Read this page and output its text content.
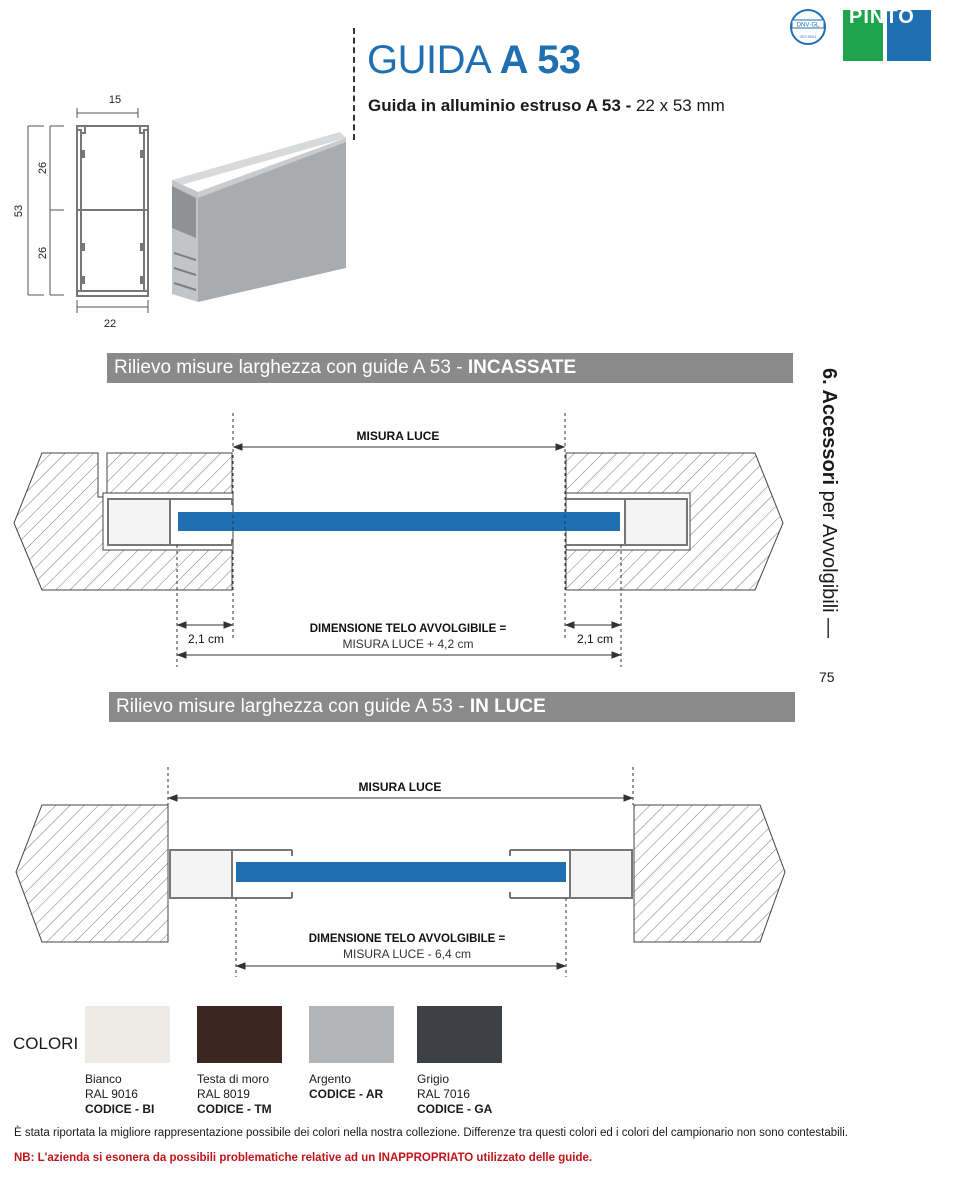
DNV·GL
ISO 9001
PINTO
GUIDA A 53
Guida in alluminio estruso A 53 - 22 x 53 mm
15
53
26
26
22
Rilievo misure larghezza con guide A 53 - INCASSATE
6. Accessori per Avvolgibili —
75
MISURA LUCE
2,1 cm	2,1 cm
DIMENSIONE TELO AVVOLGIBILE =
MISURA LUCE + 4,2 cm
Rilievo misure larghezza con guide A 53 - IN LUCE
MISURA LUCE
DIMENSIONE TELO AVVOLGIBILE =
MISURA LUCE - 6,4 cm
COLORI
Bianco
RAL 9016
CODICE - BI
Testa di moro
RAL 8019
CODICE - TM
Argento
CODICE - AR
Grigio
RAL 7016
CODICE - GA
È stata riportata la migliore rappresentazione possibile dei colori nella nostra collezione. Differenze tra questi colori ed i colori del campionario non sono contestabili.
NB: L'azienda si esonera da possibili problematiche relative ad un INAPPROPRIATO utilizzato delle guide.
